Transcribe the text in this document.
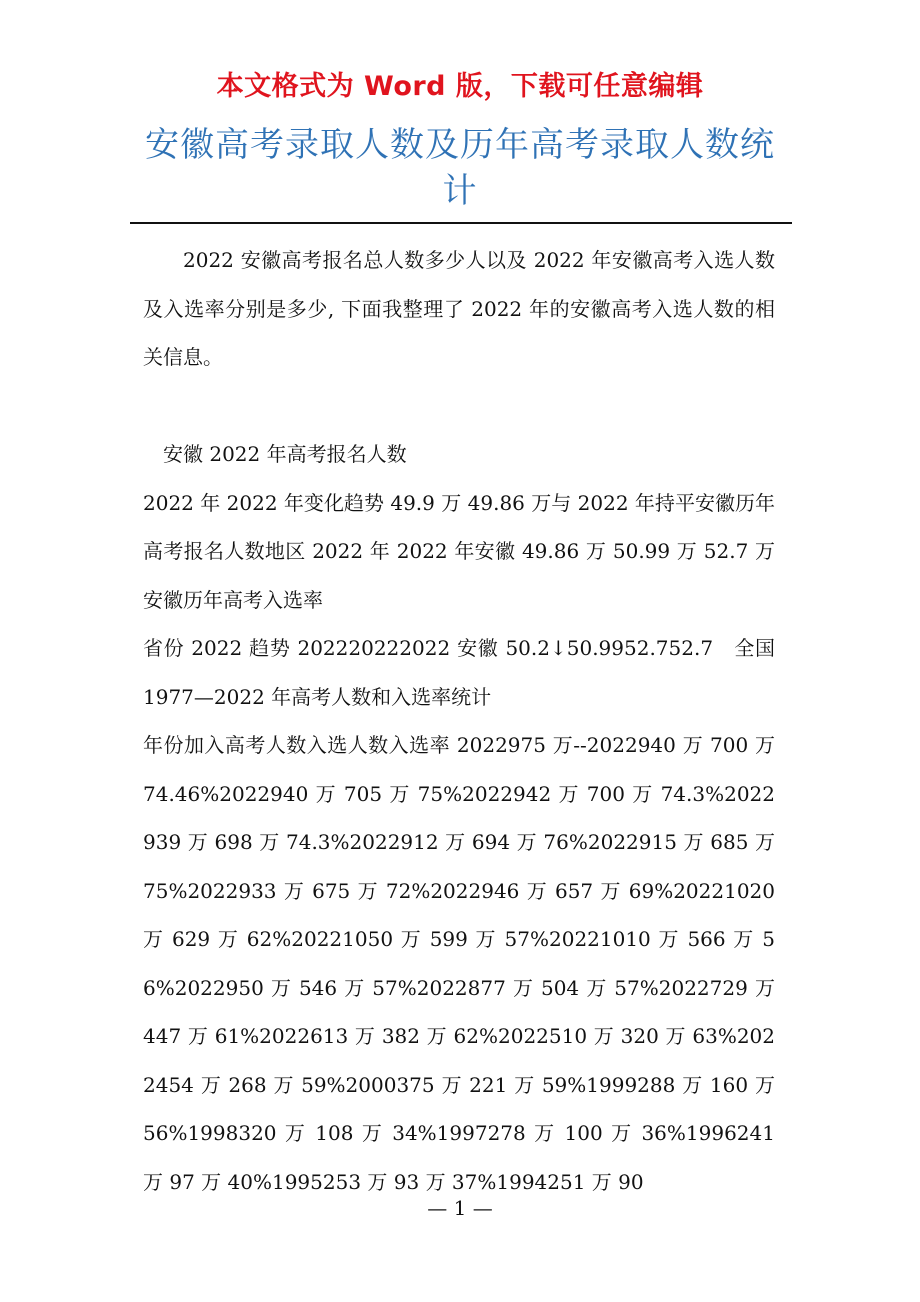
本文格式为 Word 版，下载可任意编辑
安徽高考录取人数及历年高考录取人数统计

2022 安徽高考报名总人数多少人以及 2022 年安徽高考入选人数及入选率分别是多少, 下面我整理了 2022 年的安徽高考入选人数的相关信息。

安徽 2022 年高考报名人数

2022 年 2022 年变化趋势 49.9 万 49.86 万与 2022 年持平安徽历年高考报名人数地区 2022 年 2022 年安徽 49.86 万 50.99 万 52.7 万　安徽历年高考入选率

省份 2022 趋势 202220222022 安徽 50.2↓50.9952.752.7　全国 1977—2022 年高考人数和入选率统计

年份加入高考人数入选人数入选率 2022975 万--2022940 万 700 万 74.46%2022940 万 705 万 75%2022942 万 700 万 74.3%2022939 万 698 万 74.3%2022912 万 694 万 76%2022915 万 685 万 75%2022933 万 675 万 72%2022946 万 657 万 69%20221020 万 629 万 62%20221050 万 599 万 57%20221010 万 566 万 56%2022950 万 546 万 57%2022877 万 504 万 57%2022729 万 447 万 61%2022613 万 382 万 62%2022510 万 320 万 63%2022454 万 268 万 59%2000375 万 221 万 59%1999288 万 160 万 56%1998320 万 108 万 34%1997278 万 100 万 36%1996241 万 97 万 40%1995253 万 93 万 37%1994251 万 90

— 1 —
